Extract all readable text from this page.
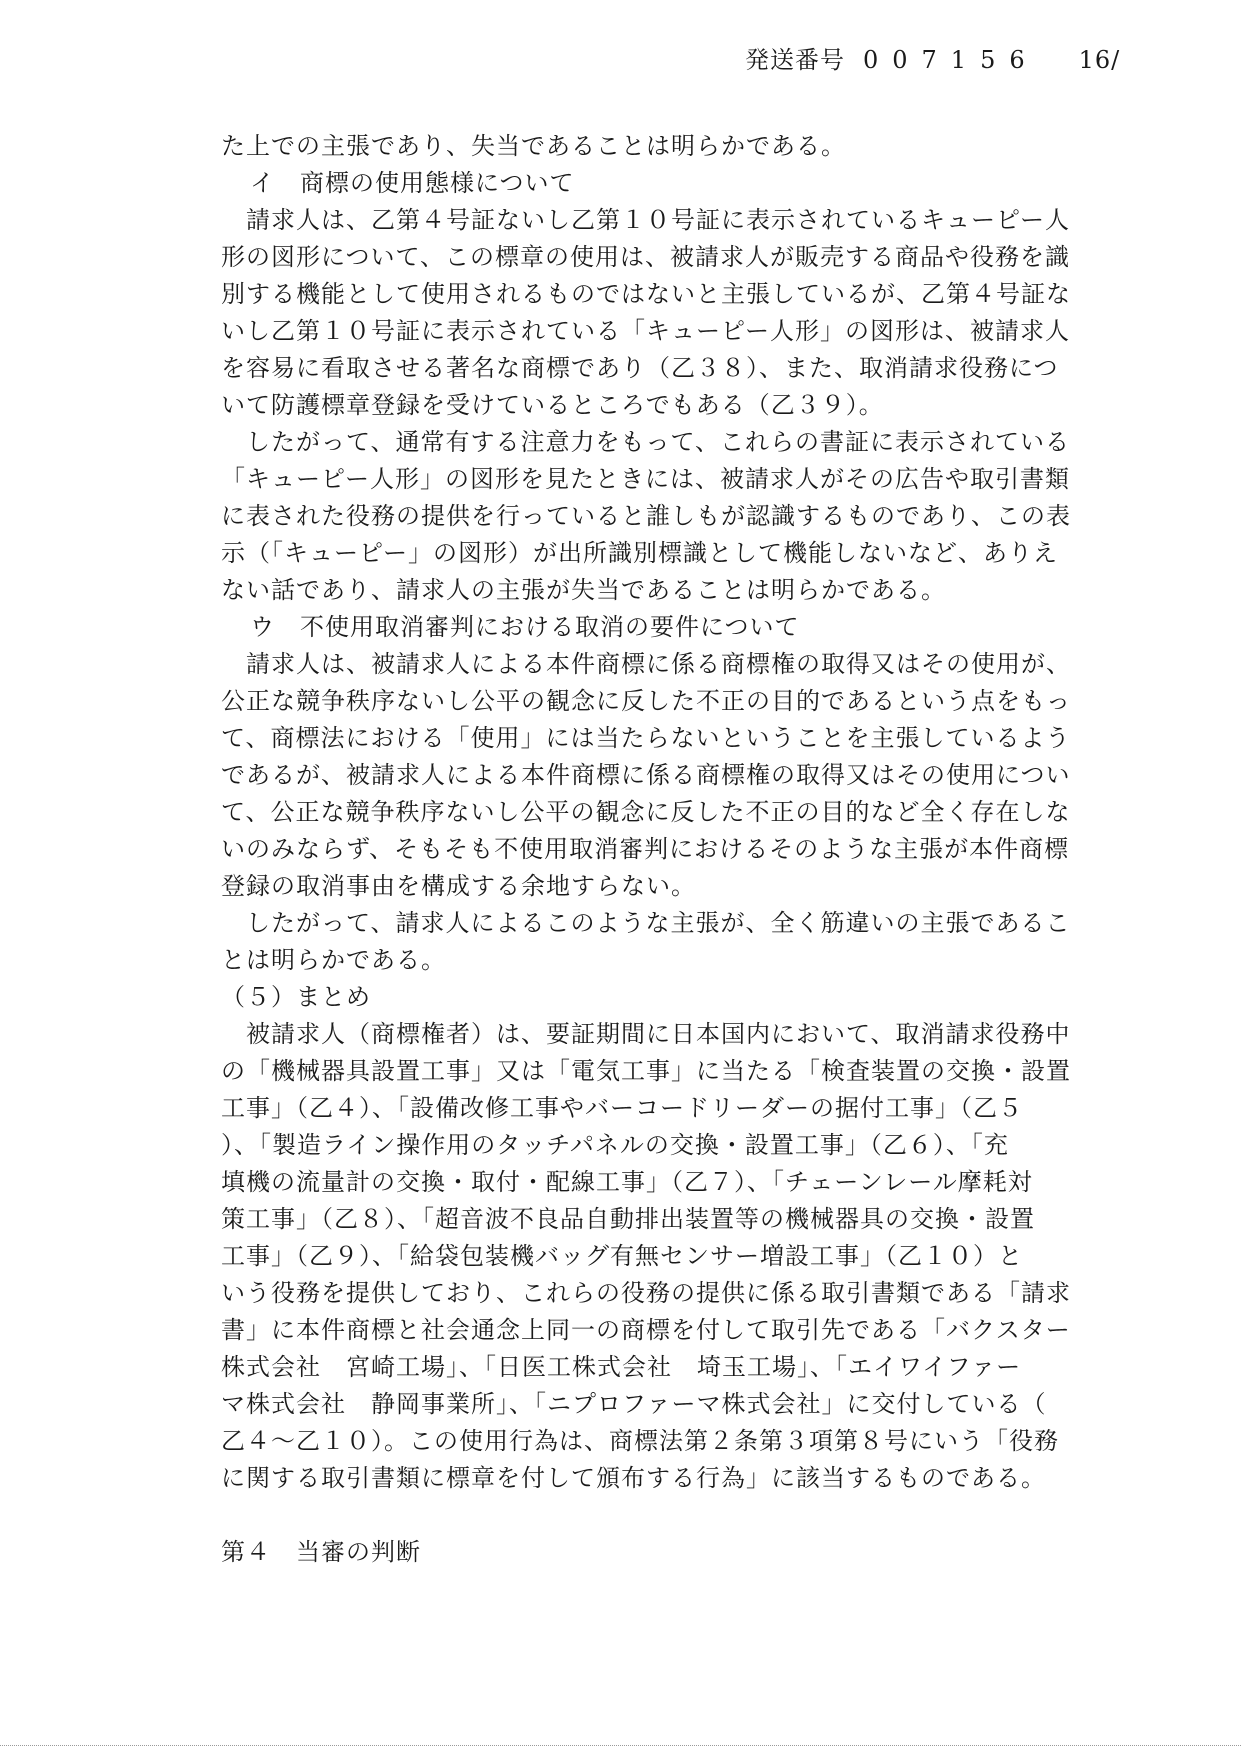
発送番号 007156 16/
た上での主張であり、失当であることは明らかである。
イ　商標の使用態様について
請求人は、乙第４号証ないし乙第１０号証に表示されているキューピー人
形の図形について、この標章の使用は、被請求人が販売する商品や役務を識
別する機能として使用されるものではないと主張しているが、乙第４号証な
いし乙第１０号証に表示されている「キューピー人形」の図形は、被請求人
を容易に看取させる著名な商標であり（乙３８）、また、取消請求役務につ
いて防護標章登録を受けているところでもある（乙３９）。
したがって、通常有する注意力をもって、これらの書証に表示されている
「キューピー人形」の図形を見たときには、被請求人がその広告や取引書類
に表された役務の提供を行っていると誰しもが認識するものであり、この表
示（「キューピー」の図形）が出所識別標識として機能しないなど、ありえ
ない話であり、請求人の主張が失当であることは明らかである。
ウ　不使用取消審判における取消の要件について
請求人は、被請求人による本件商標に係る商標権の取得又はその使用が、
公正な競争秩序ないし公平の観念に反した不正の目的であるという点をもっ
て、商標法における「使用」には当たらないということを主張しているよう
であるが、被請求人による本件商標に係る商標権の取得又はその使用につい
て、公正な競争秩序ないし公平の観念に反した不正の目的など全く存在しな
いのみならず、そもそも不使用取消審判におけるそのような主張が本件商標
登録の取消事由を構成する余地すらない。
したがって、請求人によるこのような主張が、全く筋違いの主張であるこ
とは明らかである。
（５）まとめ
被請求人（商標権者）は、要証期間に日本国内において、取消請求役務中
の「機械器具設置工事」又は「電気工事」に当たる「検査装置の交換・設置
工事」（乙４）、「設備改修工事やバーコードリーダーの据付工事」（乙５
）、「製造ライン操作用のタッチパネルの交換・設置工事」（乙６）、「充
填機の流量計の交換・取付・配線工事」（乙７）、「チェーンレール摩耗対
策工事」（乙８）、「超音波不良品自動排出装置等の機械器具の交換・設置
工事」（乙９）、「給袋包装機バッグ有無センサー増設工事」（乙１０）と
いう役務を提供しており、これらの役務の提供に係る取引書類である「請求
書」に本件商標と社会通念上同一の商標を付して取引先である「バクスター
株式会社　宮崎工場」、「日医工株式会社　埼玉工場」、「エイワイファー
マ株式会社　静岡事業所」、「ニプロファーマ株式会社」に交付している（
乙４～乙１０）。この使用行為は、商標法第２条第３項第８号にいう「役務
に関する取引書類に標章を付して頒布する行為」に該当するものである。
第４　当審の判断
